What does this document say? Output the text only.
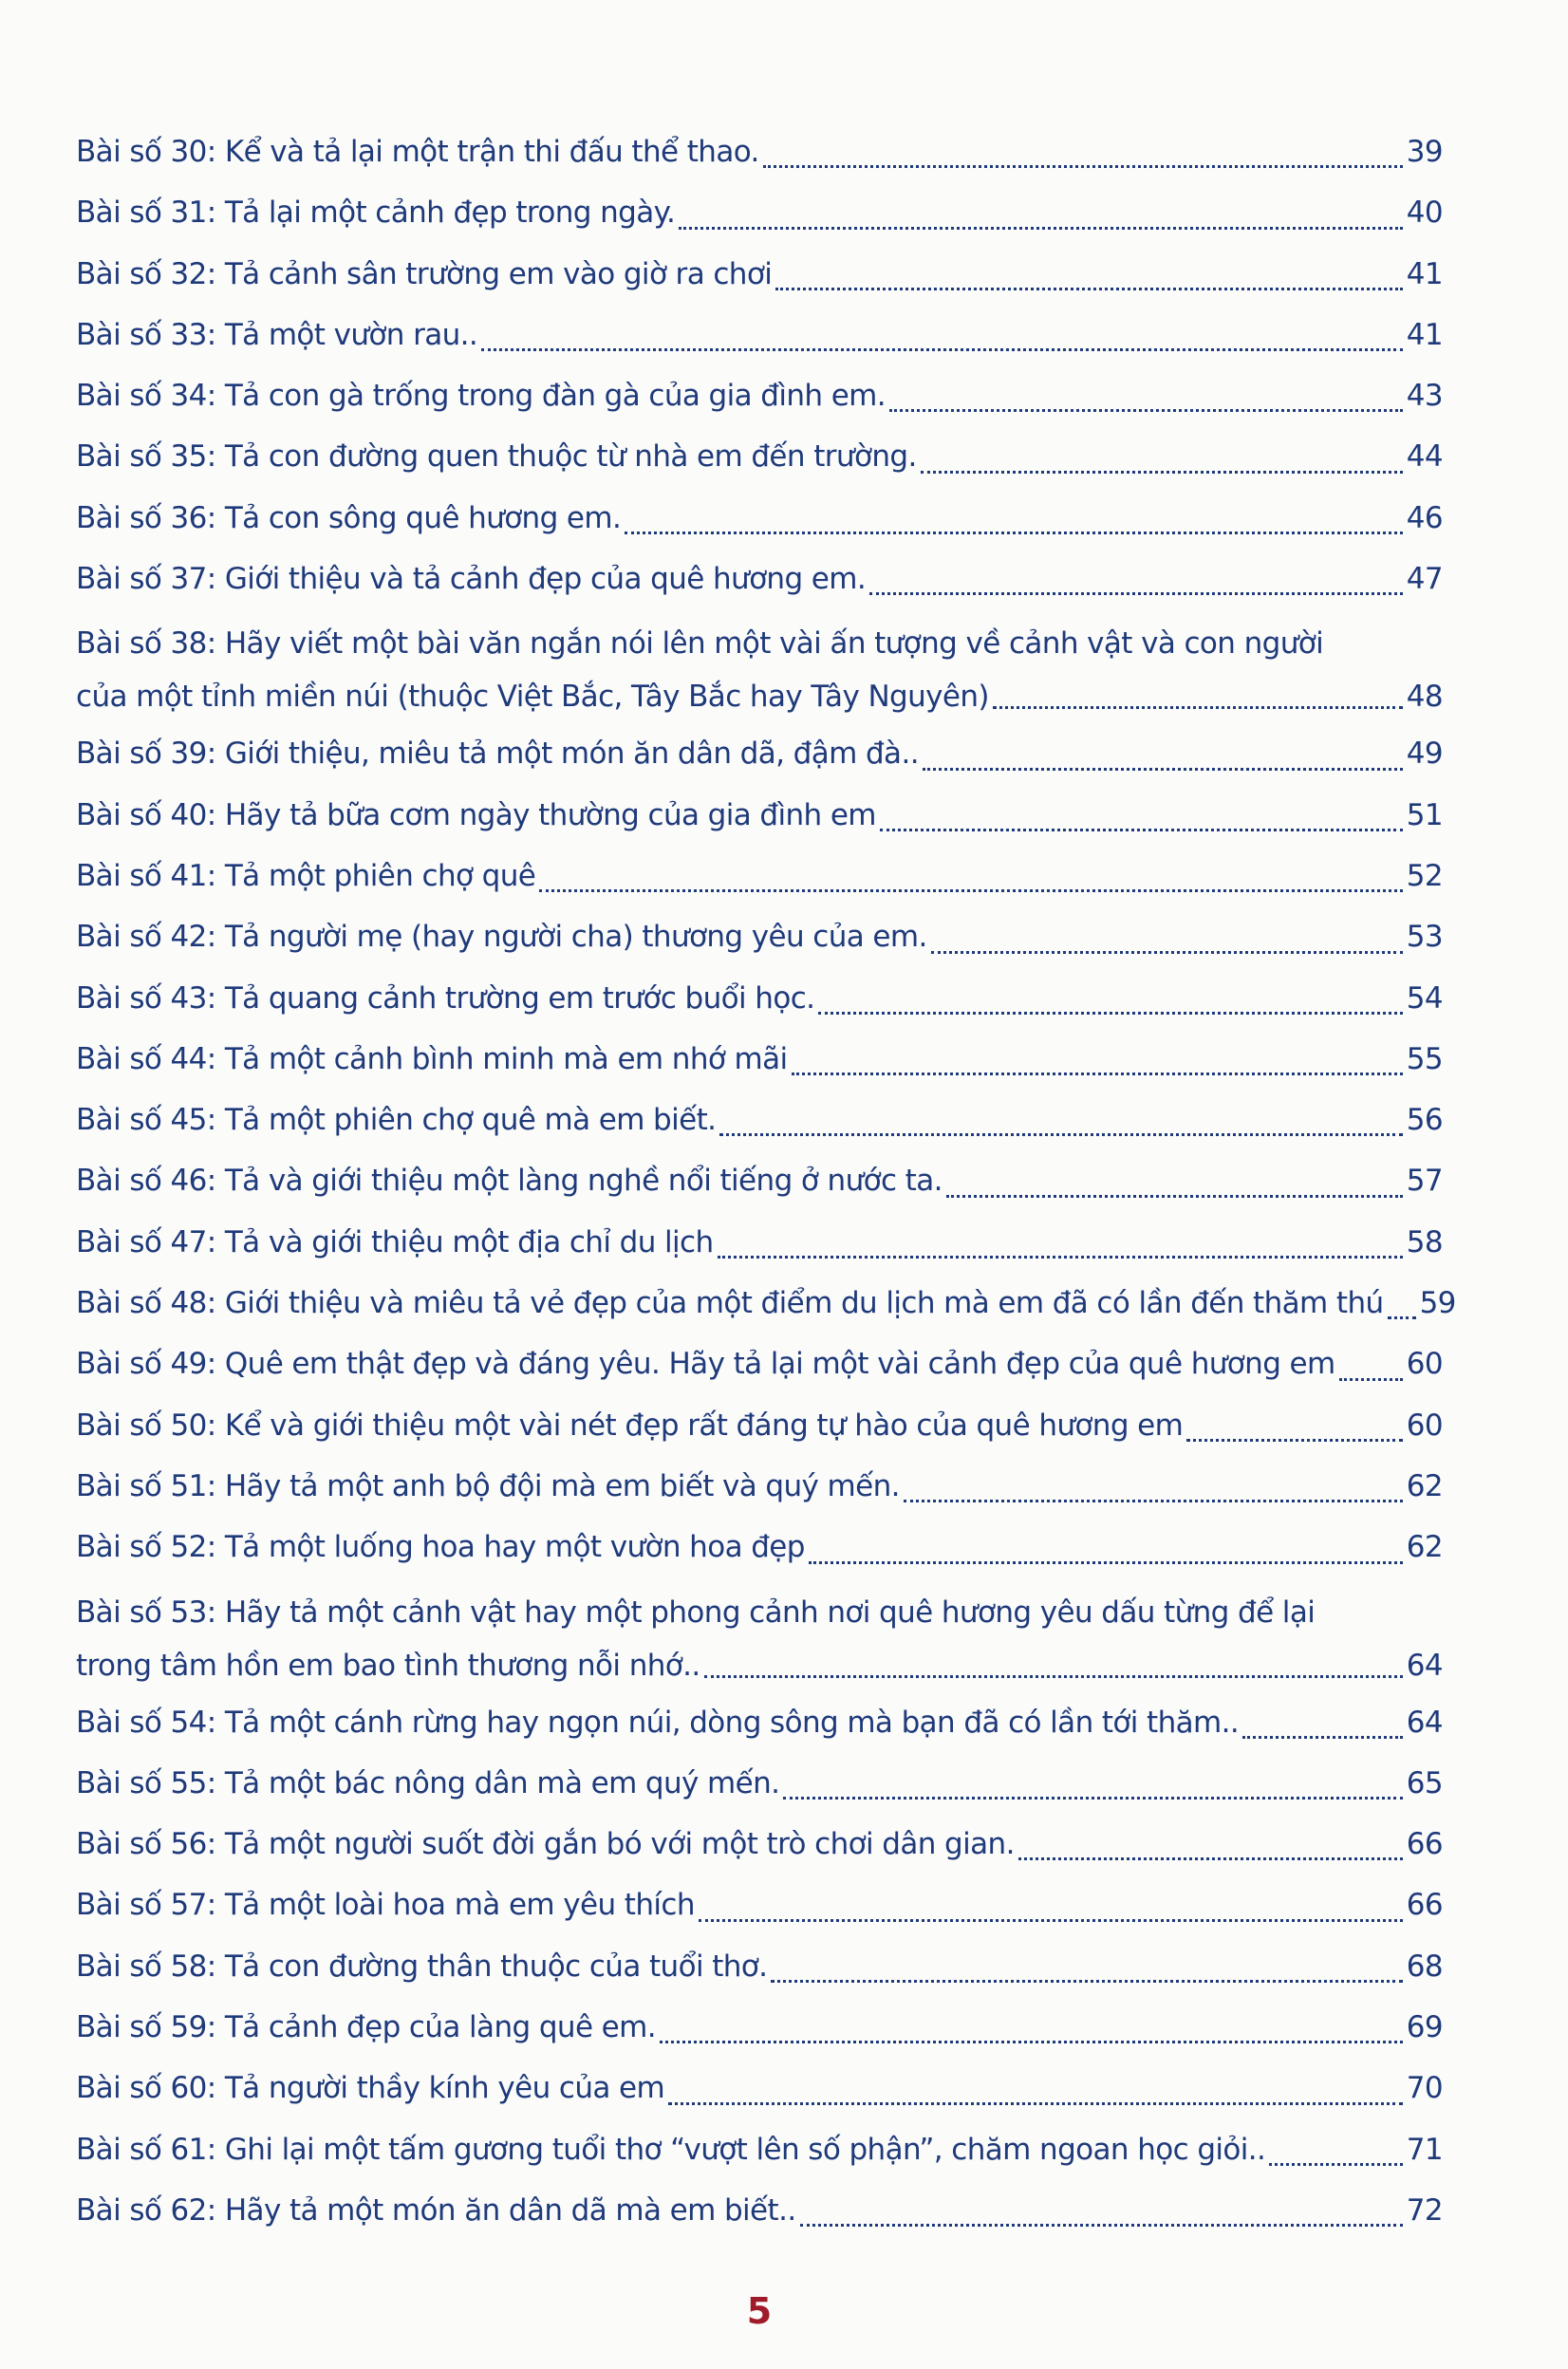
Bài số 30: Kể và tả lại một trận thi đấu thể thao.	39
Bài số 31: Tả lại một cảnh đẹp trong ngày.	40
Bài số 32: Tả cảnh sân trường em vào giờ ra chơi	41
Bài số 33: Tả một vườn rau..	41
Bài số 34: Tả con gà trống trong đàn gà của gia đình em.	43
Bài số 35: Tả con đường quen thuộc từ nhà em đến trường.	44
Bài số 36: Tả con sông quê hương em.	46
Bài số 37: Giới thiệu và tả cảnh đẹp của quê hương em.	47
Bài số 38: Hãy viết một bài văn ngắn nói lên một vài ấn tượng về cảnh vật và con người
của một tỉnh miền núi (thuộc Việt Bắc, Tây Bắc hay Tây Nguyên)	48
Bài số 39: Giới thiệu, miêu tả một món ăn dân dã, đậm đà..	49
Bài số 40: Hãy tả bữa cơm ngày thường của gia đình em	51
Bài số 41: Tả một phiên chợ quê	52
Bài số 42: Tả người mẹ (hay người cha) thương yêu của em.	53
Bài số 43: Tả quang cảnh trường em trước buổi học.	54
Bài số 44: Tả một cảnh bình minh mà em nhớ mãi	55
Bài số 45: Tả một phiên chợ quê mà em biết.	56
Bài số 46: Tả và giới thiệu một làng nghề nổi tiếng ở nước ta.	57
Bài số 47: Tả và giới thiệu một địa chỉ du lịch	58
Bài số 48: Giới thiệu và miêu tả vẻ đẹp của một điểm du lịch mà em đã có lần đến thăm thú 59
Bài số 49: Quê em thật đẹp và đáng yêu. Hãy tả lại một vài cảnh đẹp của quê hương em 60
Bài số 50: Kể và giới thiệu một vài nét đẹp rất đáng tự hào của quê hương em	60
Bài số 51: Hãy tả một anh bộ đội mà em biết và quý mến.	62
Bài số 52: Tả một luống hoa hay một vườn hoa đẹp	62
Bài số 53: Hãy tả một cảnh vật hay một phong cảnh nơi quê hương yêu dấu từng để lại
trong tâm hồn em bao tình thương nỗi nhớ..	64
Bài số 54: Tả một cánh rừng hay ngọn núi, dòng sông mà bạn đã có lần tới thăm..	64
Bài số 55: Tả một bác nông dân mà em quý mến.	65
Bài số 56: Tả một người suốt đời gắn bó với một trò chơi dân gian.	66
Bài số 57: Tả một loài hoa mà em yêu thích	66
Bài số 58: Tả con đường thân thuộc của tuổi thơ.	68
Bài số 59: Tả cảnh đẹp của làng quê em.	69
Bài số 60: Tả người thầy kính yêu của em	70
Bài số 61: Ghi lại một tấm gương tuổi thơ “vượt lên số phận”, chăm ngoan học giỏi..	71
Bài số 62: Hãy tả một món ăn dân dã mà em biết..	72
5
